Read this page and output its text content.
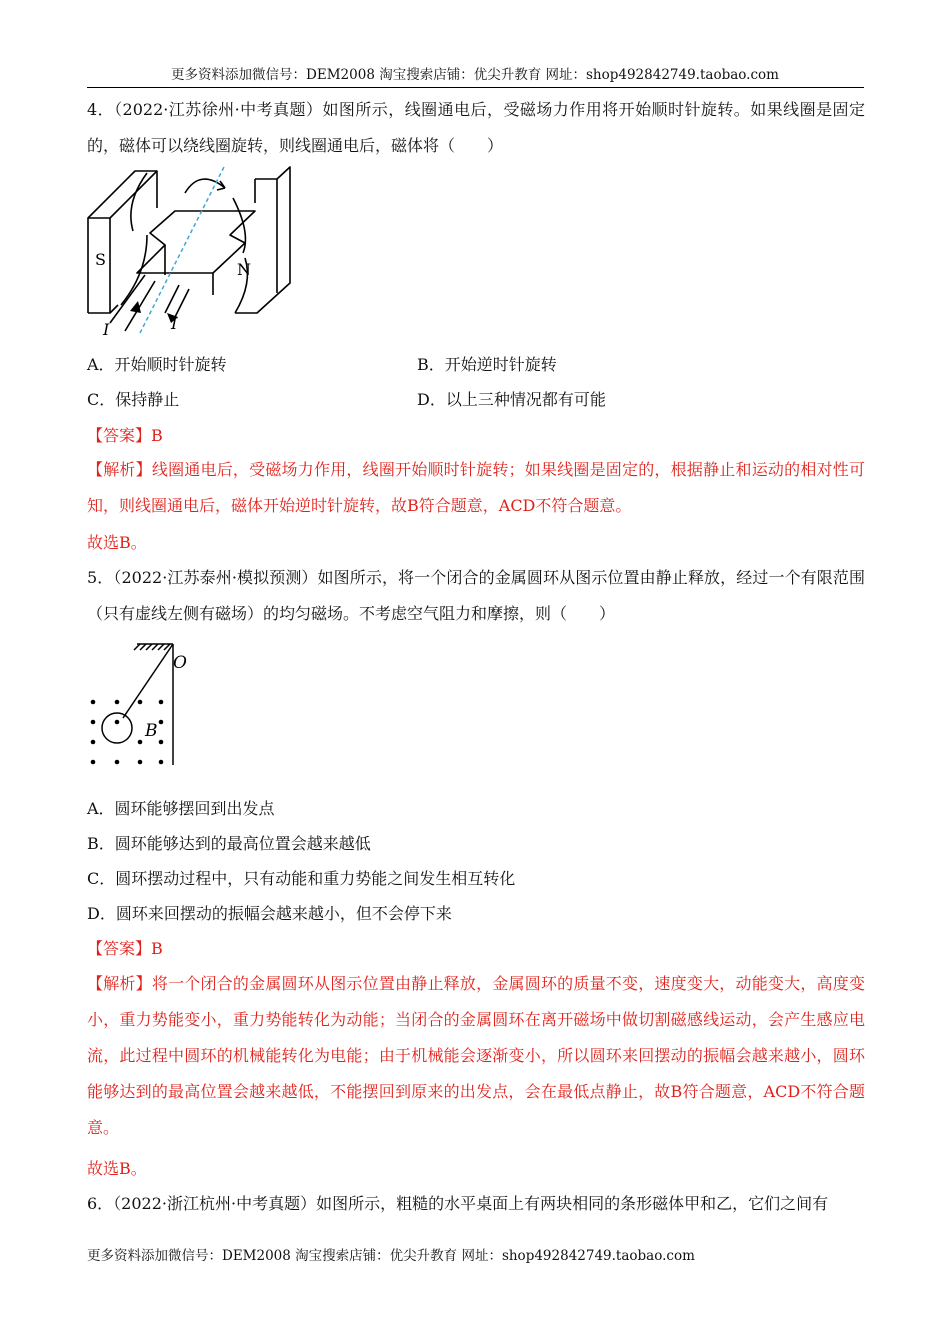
更多资料添加微信号：DEM2008 淘宝搜索店铺：优尖升教育 网址：shop492842749.taobao.com
4．（2022·江苏徐州·中考真题）如图所示，线圈通电后，受磁场力作用将开始顺时针旋转。如果线圈是固定的，磁体可以绕线圈旋转，则线圈通电后，磁体将（　　）
S
N
I	I
A．开始顺时针旋转	B．开始逆时针旋转
C．保持静止	D．以上三种情况都有可能
【答案】B
【解析】线圈通电后，受磁场力作用，线圈开始顺时针旋转；如果线圈是固定的，根据静止和运动的相对性可知，则线圈通电后，磁体开始逆时针旋转，故B符合题意，ACD不符合题意。
故选B。
5．（2022·江苏泰州·模拟预测）如图所示，将一个闭合的金属圆环从图示位置由静止释放，经过一个有限范围（只有虚线左侧有磁场）的均匀磁场。不考虑空气阻力和摩擦，则（　　）
O
B
A．圆环能够摆回到出发点
B．圆环能够达到的最高位置会越来越低
C．圆环摆动过程中，只有动能和重力势能之间发生相互转化
D．圆环来回摆动的振幅会越来越小，但不会停下来
【答案】B
【解析】将一个闭合的金属圆环从图示位置由静止释放，金属圆环的质量不变，速度变大，动能变大，高度变小，重力势能变小，重力势能转化为动能；当闭合的金属圆环在离开磁场中做切割磁感线运动，会产生感应电流，此过程中圆环的机械能转化为电能；由于机械能会逐渐变小，所以圆环来回摆动的振幅会越来越小，圆环能够达到的最高位置会越来越低，不能摆回到原来的出发点，会在最低点静止，故B符合题意，ACD不符合题意。
故选B。
6．（2022·浙江杭州·中考真题）如图所示，粗糙的水平桌面上有两块相同的条形磁体甲和乙，它们之间有
更多资料添加微信号：DEM2008 淘宝搜索店铺：优尖升教育 网址：shop492842749.taobao.com
